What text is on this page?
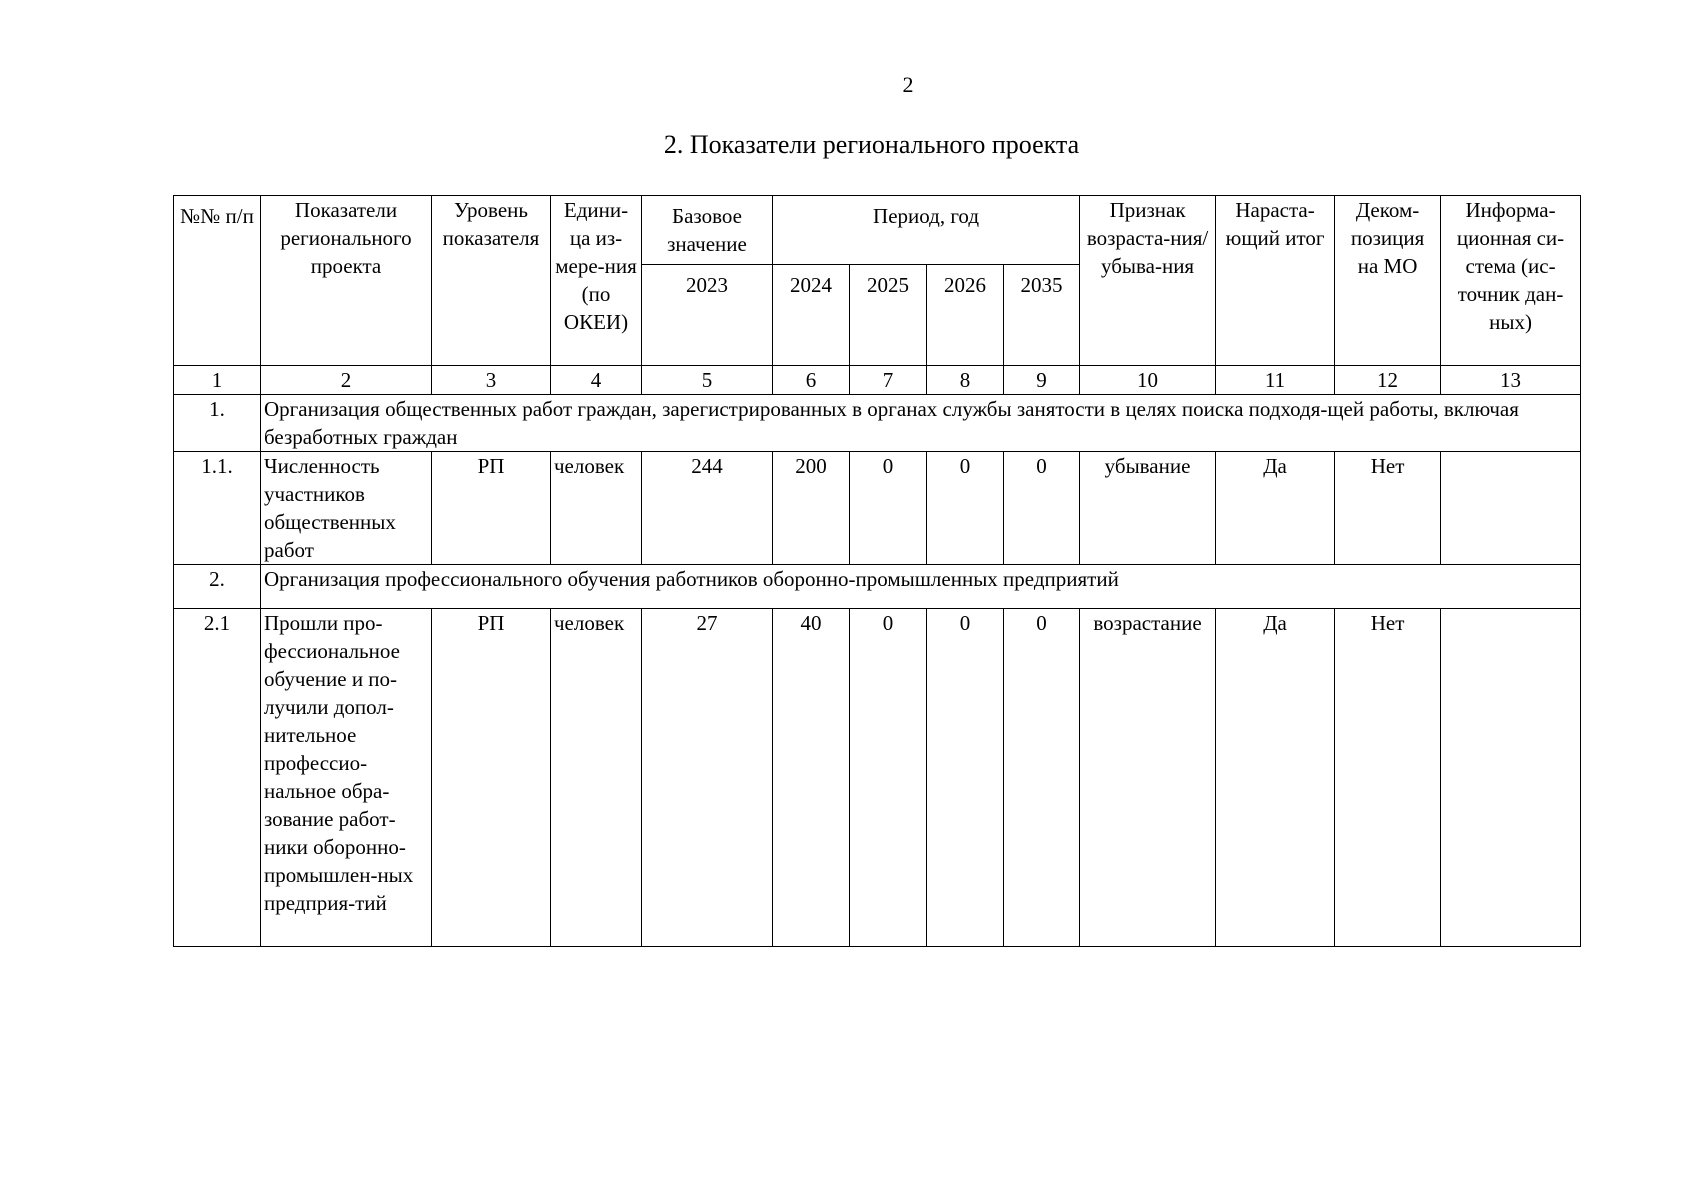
2
2. Показатели регионального проекта
№№ п/п	Показатели регионального проекта	Уровень показателя	Едини-ца из-мере-ния (по ОКЕИ)	Базовое значение	Период, год				Признак возраста-ния/убыва-ния	Нараста-ющий итог	Деком-позиция на МО	Информа-ционная си-стема (ис-точник дан-ных)
				2023	2024	2025	2026	2035				
1	2	3	4	5	6	7	8	9	10	11	12	13
1.	Организация общественных работ граждан, зарегистрированных в органах службы занятости в целях поиска подходя-щей работы, включая безработных граждан											
1.1.	Численность участников общественных работ	РП	человек	244	200	0	0	0	убывание	Да	Нет	
2.	Организация профессионального обучения работников оборонно-промышленных предприятий											
2.1	Прошли про-фессиональное обучение и по-лучили допол-нительное профессио-нальное обра-зование работ-ники оборонно-промышлен-ных предприя-тий	РП	человек	27	40	0	0	0	возрастание	Да	Нет	
